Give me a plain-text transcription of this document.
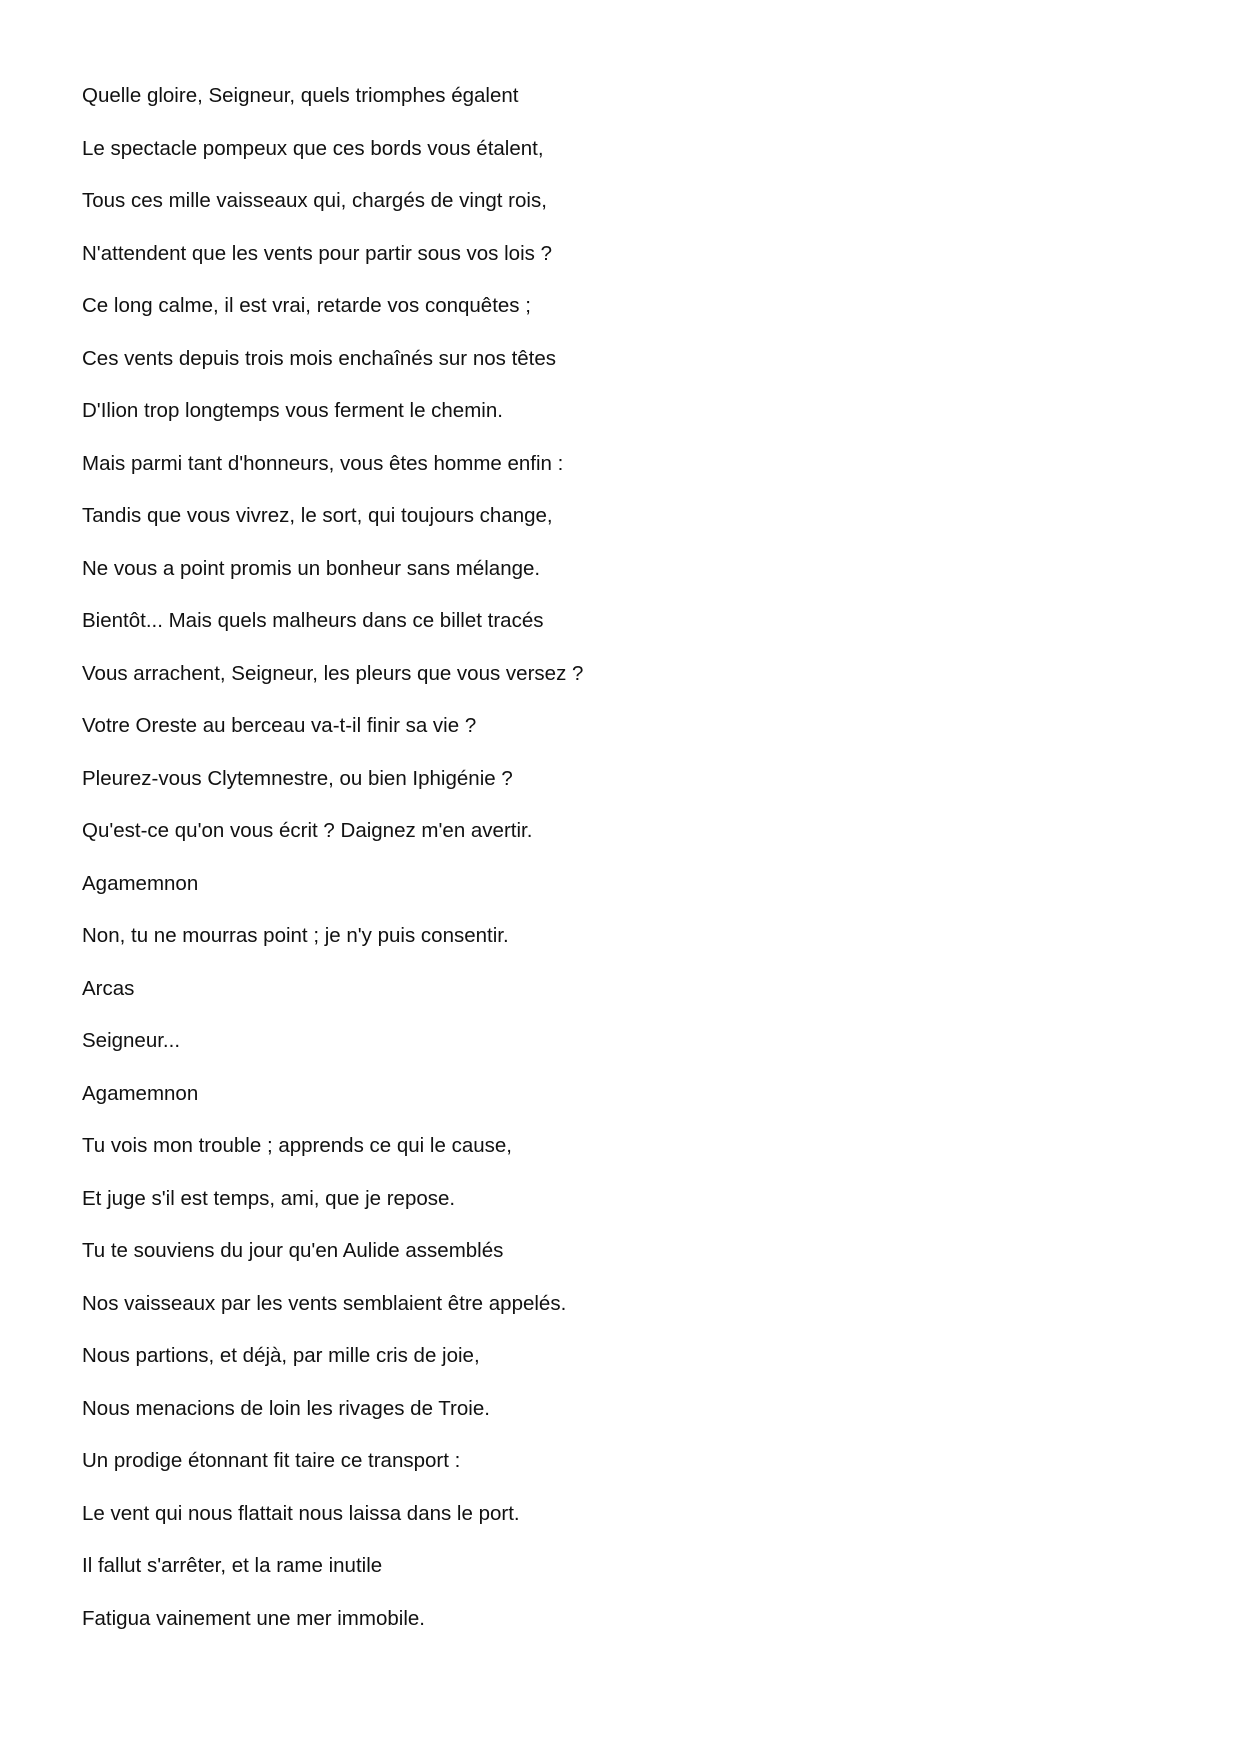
Quelle gloire, Seigneur, quels triomphes égalent
Le spectacle pompeux que ces bords vous étalent,
Tous ces mille vaisseaux qui, chargés de vingt rois,
N'attendent que les vents pour partir sous vos lois ?
Ce long calme, il est vrai, retarde vos conquêtes ;
Ces vents depuis trois mois enchaînés sur nos têtes
D'Ilion trop longtemps vous ferment le chemin.
Mais parmi tant d'honneurs, vous êtes homme enfin :
Tandis que vous vivrez, le sort, qui toujours change,
Ne vous a point promis un bonheur sans mélange.
Bientôt... Mais quels malheurs dans ce billet tracés
Vous arrachent, Seigneur, les pleurs que vous versez ?
Votre Oreste au berceau va-t-il finir sa vie ?
Pleurez-vous Clytemnestre, ou bien Iphigénie ?
Qu'est-ce qu'on vous écrit ? Daignez m'en avertir.
Agamemnon
Non, tu ne mourras point ; je n'y puis consentir.
Arcas
Seigneur...
Agamemnon
Tu vois mon trouble ; apprends ce qui le cause,
Et juge s'il est temps, ami, que je repose.
Tu te souviens du jour qu'en Aulide assemblés
Nos vaisseaux par les vents semblaient être appelés.
Nous partions, et déjà, par mille cris de joie,
Nous menacions de loin les rivages de Troie.
Un prodige étonnant fit taire ce transport :
Le vent qui nous flattait nous laissa dans le port.
Il fallut s'arrêter, et la rame inutile
Fatigua vainement une mer immobile.
